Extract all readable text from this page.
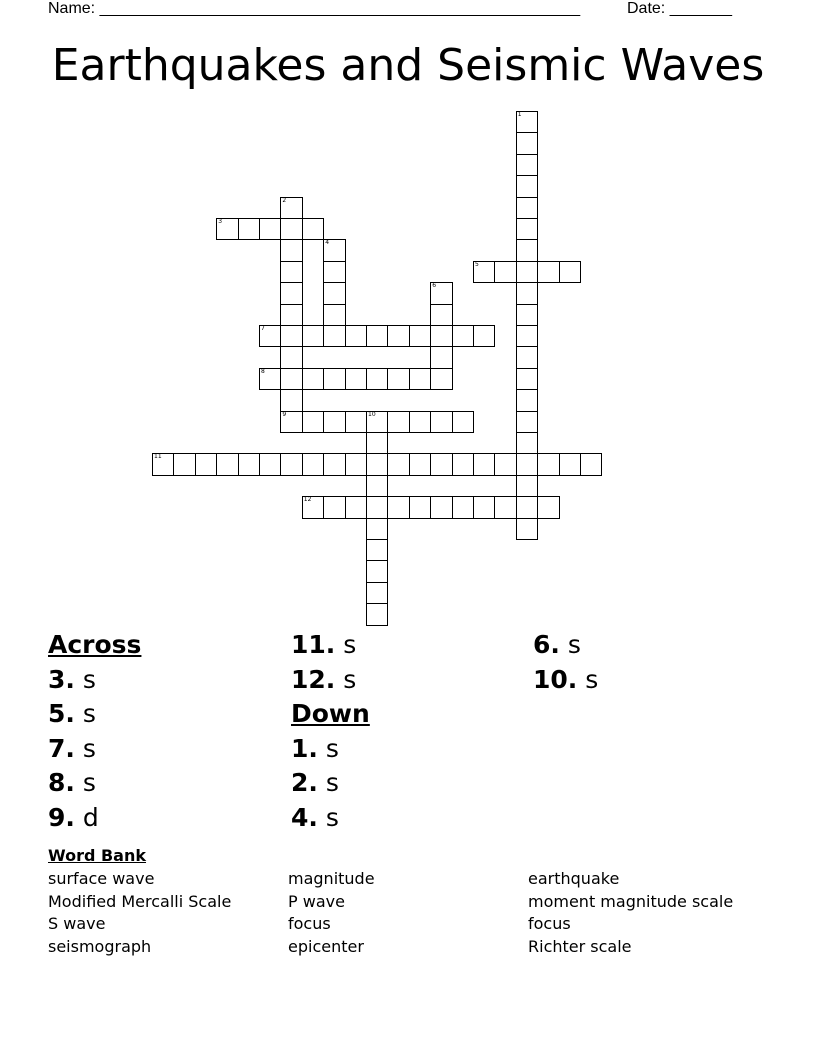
Name: ______________________________________________________	Date: _______
Earthquakes and Seismic Waves
1
2
3
4
5
6
7
8
9	10
11
12
Across
3. s
5. s
7. s
8. s
9. d
11. s
12. s
Down
1. s
2. s
4. s
6. s
10. s
Word Bank
surface wave
Modified Mercalli Scale
S wave
seismograph
magnitude
P wave
focus
epicenter
earthquake
moment magnitude scale
focus
Richter scale
